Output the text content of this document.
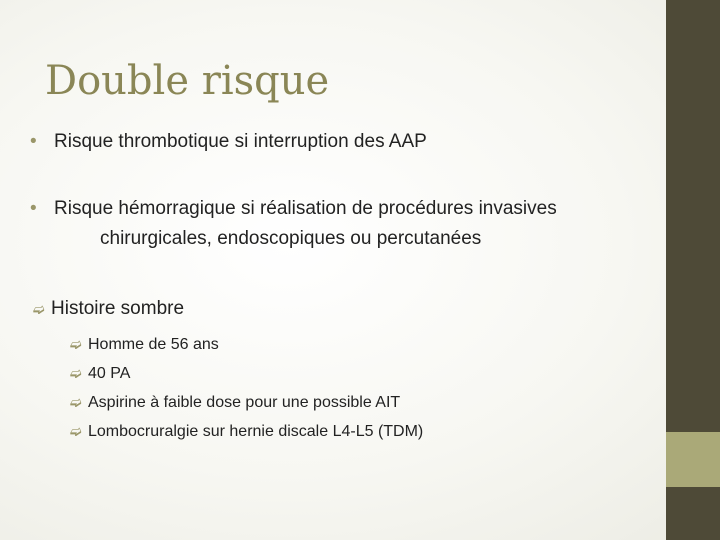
Double risque
• Risque thrombotique si interruption des AAP
• Risque hémorragique si réalisation de procédures invasives
chirurgicales, endoscopiques ou percutanées
➫ Histoire sombre
➫ Homme de 56 ans
➫ 40 PA
➫ Aspirine à faible dose pour une possible AIT
➫ Lombocruralgie sur hernie discale L4-L5 (TDM)
